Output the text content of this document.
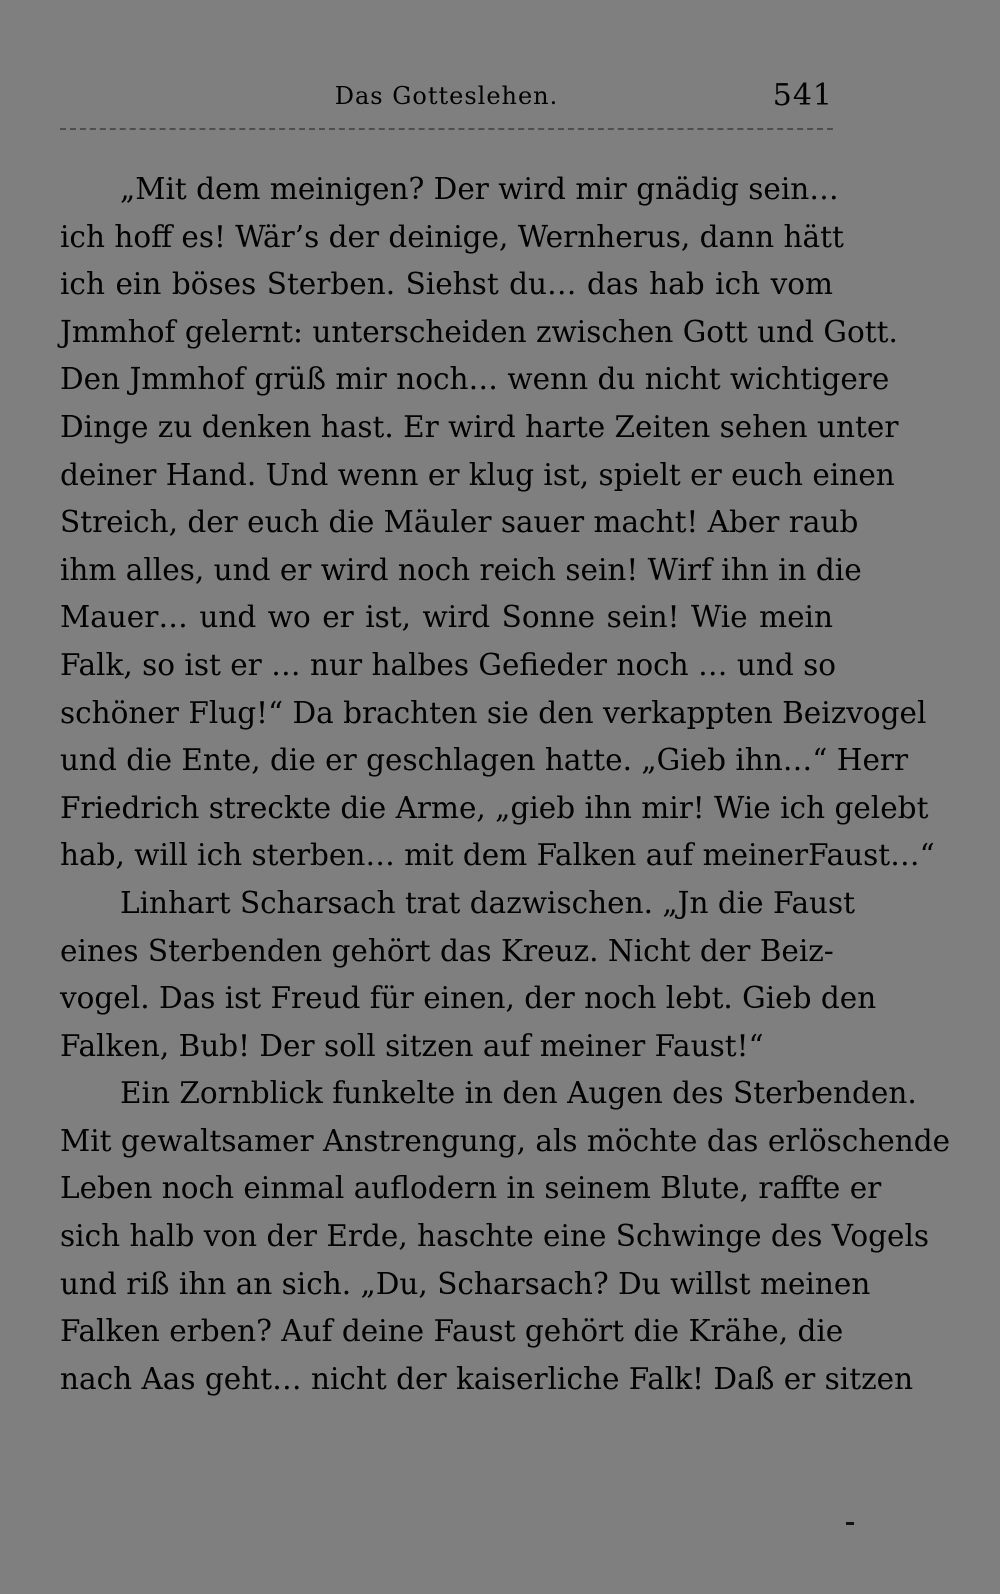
Das Gotteslehen.	541
„Mit dem meinigen? Der wird mir gnädig sein…
ich hoff es! Wär’s der deinige, Wernherus, dann hätt
ich ein böses Sterben. Siehst du… das hab ich vom
Jmmhof gelernt: unterscheiden zwischen Gott und Gott.
Den Jmmhof grüß mir noch… wenn du nicht wichtigere
Dinge zu denken hast. Er wird harte Zeiten sehen unter
deiner Hand. Und wenn er klug ist, spielt er euch einen
Streich, der euch die Mäuler sauer macht! Aber raub
ihm alles, und er wird noch reich sein! Wirf ihn in die
Mauer… und wo er ist, wird Sonne sein! Wie mein
Falk, so ist er … nur halbes Gefieder noch … und so
schöner Flug!“ Da brachten sie den verkappten Beizvogel
und die Ente, die er geschlagen hatte. „Gieb ihn…“ Herr
Friedrich streckte die Arme, „gieb ihn mir! Wie ich gelebt
hab, will ich sterben… mit dem Falken auf meinerFaust…“
Linhart Scharsach trat dazwischen. „Jn die Faust
eines Sterbenden gehört das Kreuz. Nicht der Beiz-
vogel. Das ist Freud für einen, der noch lebt. Gieb den
Falken, Bub! Der soll sitzen auf meiner Faust!“
Ein Zornblick funkelte in den Augen des Sterbenden.
Mit gewaltsamer Anstrengung, als möchte das erlöschende
Leben noch einmal auflodern in seinem Blute, raffte er
sich halb von der Erde, haschte eine Schwinge des Vogels
und riß ihn an sich. „Du, Scharsach? Du willst meinen
Falken erben? Auf deine Faust gehört die Krähe, die
nach Aas geht… nicht der kaiserliche Falk! Daß er sitzen
